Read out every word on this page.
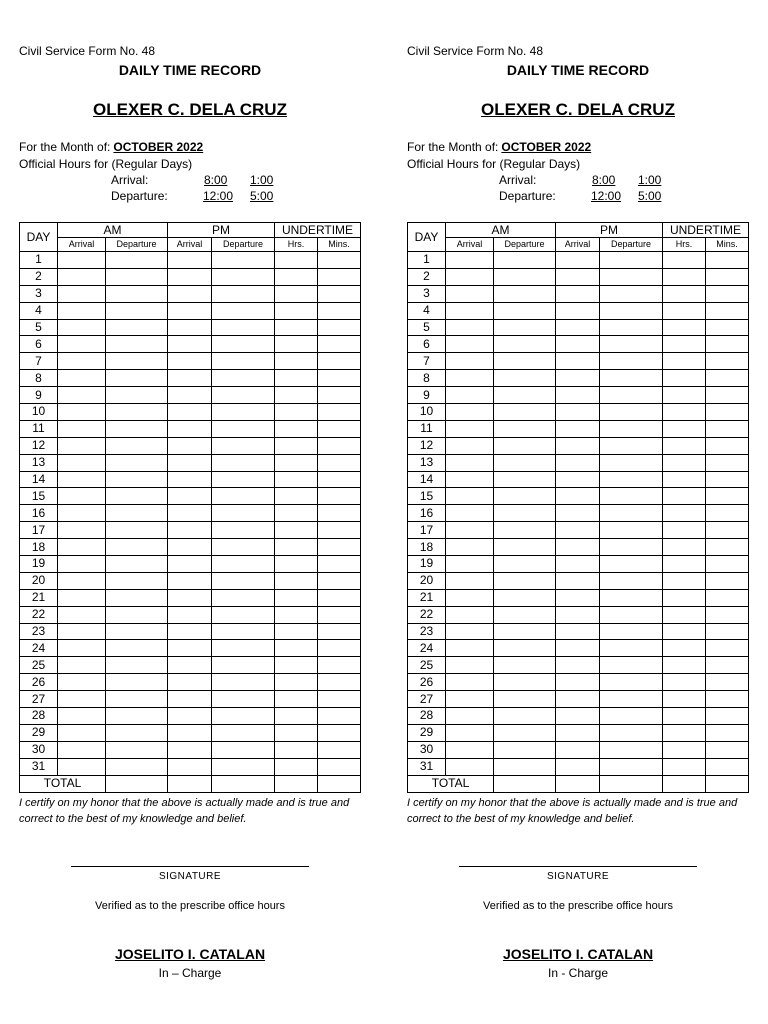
Civil Service Form No. 48
DAILY TIME RECORD
OLEXER C. DELA CRUZ
For the Month of: OCTOBER 2022
Official Hours for (Regular Days)
Arrival:	8:00 1:00
Departure:	12:00 5:00
DAY	AM		PM		UNDERTIME	
	Arrival	Departure	Arrival	Departure	Hrs.	Mins.
1						
2						
3						
4						
5						
6						
7						
8						
9						
10						
11						
12						
13						
14						
15						
16						
17						
18						
19						
20						
21						
22						
23						
24						
25						
26						
27						
28						
29						
30						
31						
TOTAL						
I certify on my honor that the above is actually made and is true and correct to the best of my knowledge and belief.
SIGNATURE
Verified as to the prescribe office hours
JOSELITO I. CATALAN
In – Charge
Civil Service Form No. 48
DAILY TIME RECORD
OLEXER C. DELA CRUZ
For the Month of: OCTOBER 2022
Official Hours for (Regular Days)
Arrival:	8:00 1:00
Departure:	12:00 5:00
DAY	AM		PM		UNDERTIME	
	Arrival	Departure	Arrival	Departure	Hrs.	Mins.
1						
2						
3						
4						
5						
6						
7						
8						
9						
10						
11						
12						
13						
14						
15						
16						
17						
18						
19						
20						
21						
22						
23						
24						
25						
26						
27						
28						
29						
30						
31						
TOTAL						
I certify on my honor that the above is actually made and is true and correct to the best of my knowledge and belief.
SIGNATURE
Verified as to the prescribe office hours
JOSELITO I. CATALAN
In - Charge
